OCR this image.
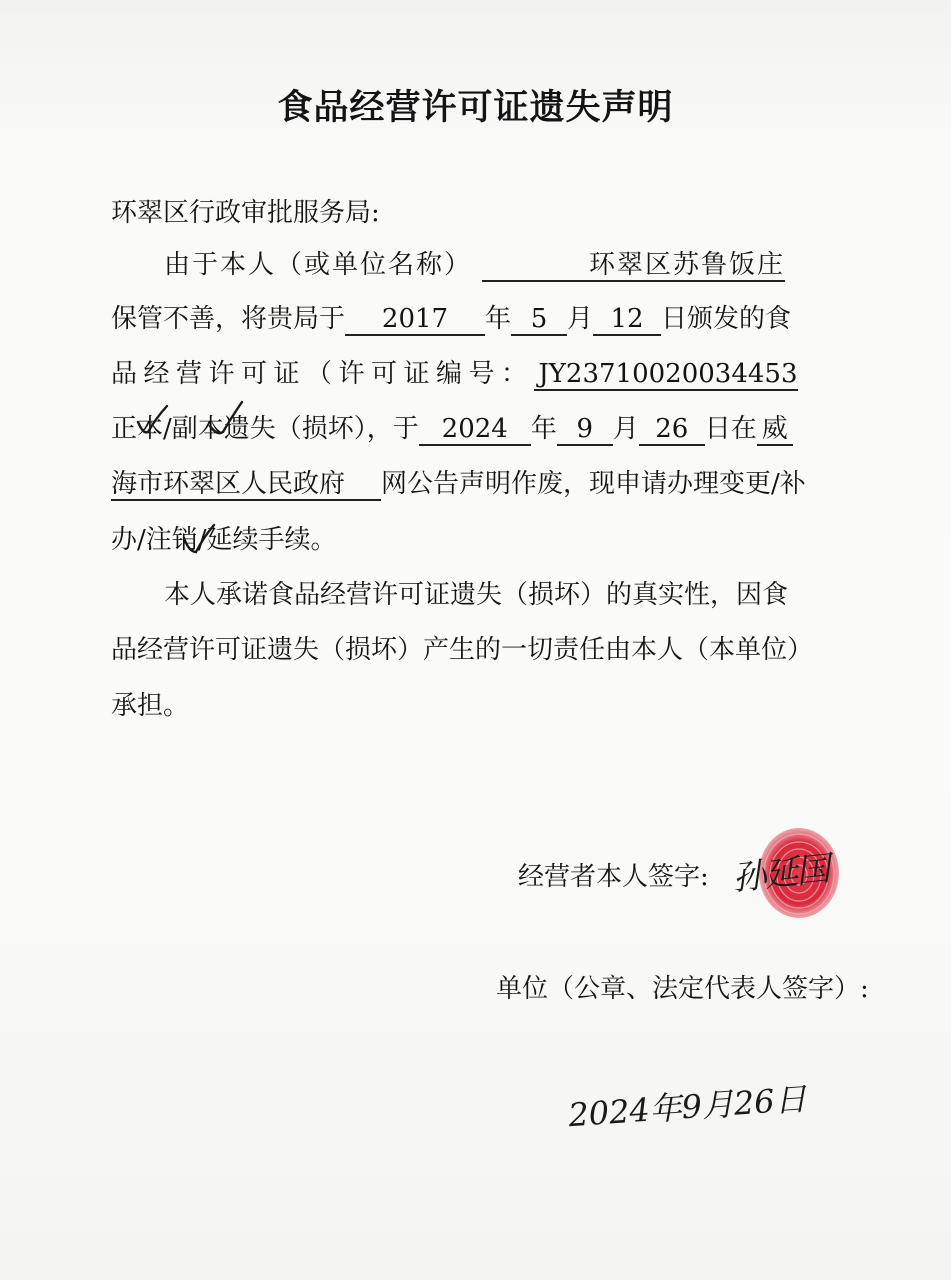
食品经营许可证遗失声明
环翠区行政审批服务局:
由于本人（或单位名称）	环翠区苏鲁饭庄
保管不善，将贵局于 2017 年 5 月 12 日颁发的食
品经营许可证（许可证编号： JY23710020034453
正本/副本遗失（损坏），于 2024 年 9 月 26 日在 威
海市环翠区人民政府 网公告声明作废，现申请办理变更/补
办/注销/延续手续。
本人承诺食品经营许可证遗失（损坏）的真实性，因食
品经营许可证遗失（损坏）产生的一切责任由本人（本单位）
承担。
经营者本人签字: 孙延国
单位（公章、法定代表人签字）:
2024年9月26日
